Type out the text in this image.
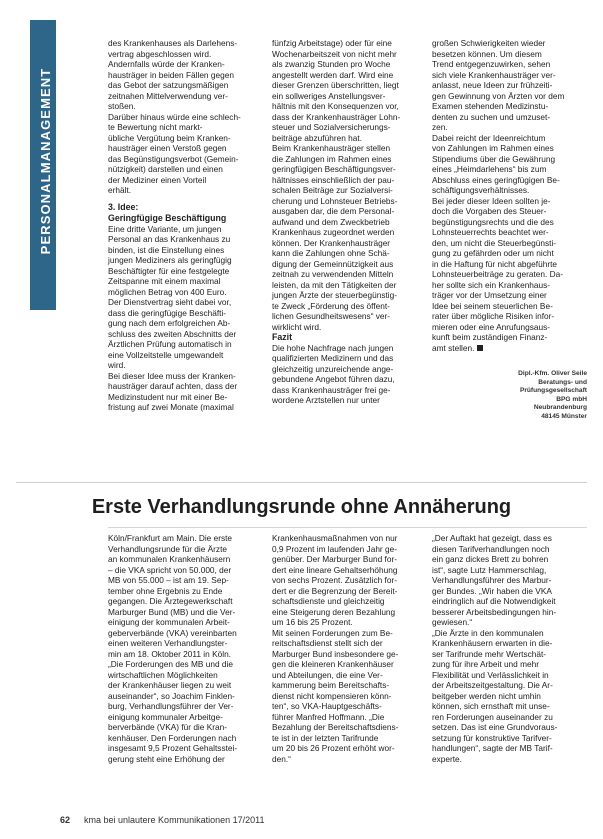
PERSONALMANAGEMENT

des Krankenhauses als Darlehens-
vertrag abgeschlossen wird.
Andernfalls würde der Kranken-
hausträger in beiden Fällen gegen
das Gebot der satzungsmäßigen
zeitnahen Mittelverwendung ver-
stoßen.

Darüber hinaus würde eine schlech-
te Bewertung nicht markt-
übliche Vergütung beim Kranken-
hausträger einen Verstoß gegen
das Begünstigungsverbot (Gemein-
nützigkeit) darstellen und einen
der Mediziner einen Vorteil
erhält.

3. Idee:
Geringfügige Beschäftigung

Eine dritte Variante, um jungen
Personal an das Krankenhaus zu
binden, ist die Einstellung eines
jungen Mediziners als geringfügig
Beschäftigter für eine festgelegte
Zeitspanne mit einem maximal
möglichen Betrag von 400 Euro.
Der Dienstvertrag sieht dabei vor,
dass die geringfügige Beschäfti-
gung nach dem erfolgreichen Ab-
schluss des zweiten Abschnitts der
Ärztlichen Prüfung automatisch in
eine Vollzeitstelle umgewandelt
wird.
Bei dieser Idee muss der Kranken-
hausträger darauf achten, dass der
Medizinstudent nur mit einer Be-
fristung auf zwei Monate (maximal

fünfzig Arbeitstage) oder für eine
Wochenarbeitszeit von nicht mehr
als zwanzig Stunden pro Woche
angestellt werden darf. Wird eine
dieser Grenzen überschritten, liegt
ein sollweriges Anstellungsver-
hältnis mit den Konsequenzen vor,
dass der Krankenhausträger Lohn-
steuer und Sozialversicherungs-
beiträge abzuführen hat.
Beim Krankenhausträger stellen
die Zahlungen im Rahmen eines
geringfügigen Beschäftigungsver-
hältnisses einschließlich der pau-
schalen Beiträge zur Sozialversi-
cherung und Lohnsteuer Betriebs-
ausgaben dar, die dem Personal-
aufwand und dem Zweckbetrieb
Krankenhaus zugeordnet werden
können. Der Krankenhausträger
kann die Zahlungen ohne Schä-
digung der Gemeinnützigkeit aus
zeitnah zu verwendenden Mitteln
leisten, da mit den Tätigkeiten der
jungen Ärzte der steuerbegünstig-
te Zweck „Förderung des öffent-
lichen Gesundheitswesens“ ver-
wirklicht wird.

Fazit

Die hohe Nachfrage nach jungen
qualifizierten Medizinern und das
gleichzeitig unzureichende ange-
gebundene Angebot führen dazu,
dass Krankenhausträger frei ge-
wordene Arztstellen nur unter

großen Schwierigkeiten wieder
besetzen können. Um diesem
Trend entgegenzuwirken, sehen
sich viele Krankenhausträger ver-
anlasst, neue Ideen zur frühzeiti-
gen Gewinnung von Ärzten vor dem
Examen stehenden Medizinstu-
denten zu suchen und umzuset-
zen.
Dabei reicht der Ideenreichtum
von Zahlungen im Rahmen eines
Stipendiums über die Gewährung
eines „Heimdarlehens“ bis zum
Abschluss eines geringfügigen Be-
schäftigungsverhältnisses.
Bei jeder dieser Ideen sollten je-
doch die Vorgaben des Steuer-
begünstigungsrechts und die des
Lohnsteuerrechts beachtet wer-
den, um nicht die Steuerbegünsti-
gung zu gefährden oder um nicht
in die Haftung für nicht abgeführte
Lohnsteuerbeiträge zu geraten. Da-
her sollte sich ein Krankenhaus-
träger vor der Umsetzung einer
Idee bei seinem steuerlichen Be-
rater über mögliche Risiken infor-
mieren oder eine Anrufungsaus-
kunft beim zuständigen Finanz-
amt stellen.

Dipl.-Kfm. Oliver Seile
Beratungs- und
Prüfungsgesellschaft
BPG mbH
Neubrandenburg
48145 Münster
Erste Verhandlungsrunde ohne Annäherung

Köln/Frankfurt am Main. Die erste
Verhandlungsrunde für die Ärzte
an kommunalen Krankenhäusern
– die VKA spricht von 50.000, der
MB von 55.000 – ist am 19. Sep-
tember ohne Ergebnis zu Ende
gegangen. Die Ärztegewerkschaft
Marburger Bund (MB) und die Ver-
einigung der kommunalen Arbeit-
geberverbände (VKA) vereinbarten
einen weiteren Verhandlungster-
min am 18. Oktober 2011 in Köln.
„Die Forderungen des MB und die
wirtschaftlichen Möglichkeiten
der Krankenhäuser liegen zu weit
auseinander“, so Joachim Finklen-
burg, Verhandlungsführer der Ver-
einigung kommunaler Arbeitge-
berverbände (VKA) für die Kran-
kenhäuser. Den Forderungen nach
insgesamt 9,5 Prozent Gehaltsstei-
gerung steht eine Erhöhung der

Krankenhausmaßnahmen von nur
0,9 Prozent im laufenden Jahr ge-
genüber. Der Marburger Bund for-
dert eine lineare Gehaltserhöhung
von sechs Prozent. Zusätzlich for-
dert er die Begrenzung der Bereit-
schaftsdienste und gleichzeitig
eine Steigerung deren Bezahlung
um 16 bis 25 Prozent.
Mit seinen Forderungen zum Be-
reitschaftsdienst stellt sich der
Marburger Bund insbesondere ge-
gen die kleineren Krankenhäuser
und Abteilungen, die eine Ver-
kammerung beim Bereitschafts-
dienst nicht kompensieren könn-
ten“, so VKA-Hauptgeschäfts-
führer Manfred Hoffmann. „Die
Bezahlung der Bereitschaftsdiens-
te ist in der letzten Tarifrunde
um 20 bis 26 Prozent erhöht wor-
den.“

„Der Auftakt hat gezeigt, dass es
diesen Tarifverhandlungen noch
ein ganz dickes Brett zu bohren
ist“, sagte Lutz Hammerschlag,
Verhandlungsführer des Marbur-
ger Bundes. „Wir haben die VKA
eindringlich auf die Notwendigkeit
besserer Arbeitsbedingungen hin-
gewiesen.“
„Die Ärzte in den kommunalen
Krankenhäusern erwarten in die-
ser Tarifrunde mehr Wertschät-
zung für ihre Arbeit und mehr
Flexibilität und Verlässlichkeit in
der Arbeitszeitgestaltung. Die Ar-
beitgeber werden nicht umhin
können, sich ernsthaft mit unse-
ren Forderungen auseinander zu
setzen. Das ist eine Grundvoraus-
setzung für konstruktive Tarifver-
handlungen“, sagte der MB Tarif-
experte.

62 kma bei unlautere Kommunikationen 17/2011
